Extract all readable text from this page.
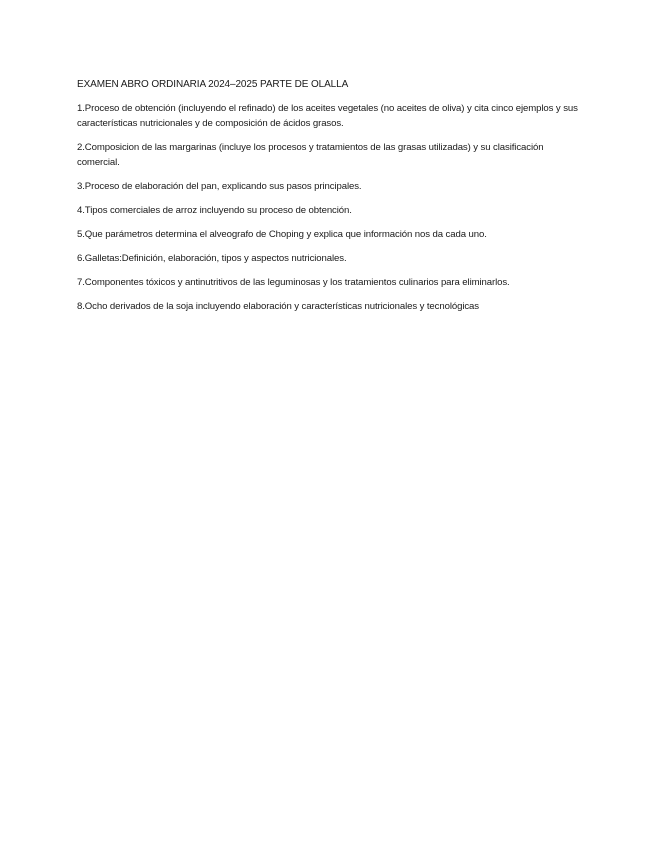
EXAMEN ABRO ORDINARIA 2024–2025 PARTE DE OLALLA
1.Proceso de obtención (incluyendo el refinado) de los aceites vegetales (no aceites de oliva) y cita cinco ejemplos y sus características nutricionales y de composición de ácidos grasos.
2.Composicion de las margarinas (incluye los procesos y tratamientos de las grasas utilizadas) y su clasificación comercial.
3.Proceso de elaboración del pan, explicando sus pasos principales.
4.Tipos comerciales de arroz incluyendo su proceso de obtención.
5.Que parámetros determina el alveografo de Choping y explica que información nos da cada uno.
6.Galletas:Definición, elaboración, tipos y aspectos nutricionales.
7.Componentes tóxicos y antinutritivos de las leguminosas y los tratamientos culinarios para eliminarlos.
8.Ocho derivados de la soja incluyendo elaboración y características nutricionales y tecnológicas
